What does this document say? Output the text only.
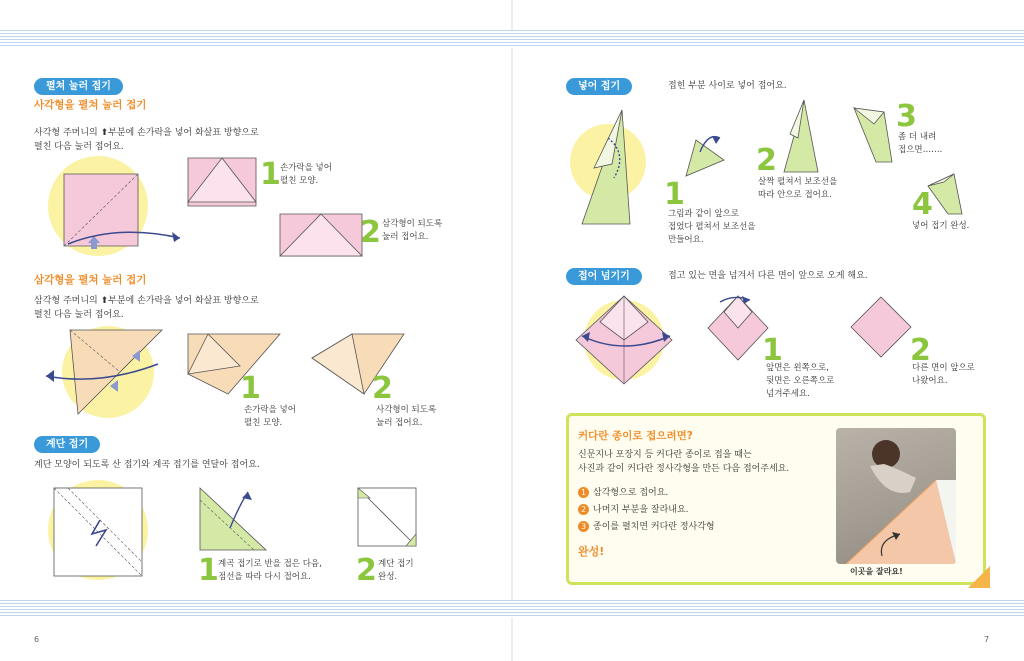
펼쳐 눌러 접기
사각형을 펼쳐 눌러 접기
사각형 주머니의 ⬆부분에 손가락을 넣어 화살표 방향으로
펼친 다음 눌러 접어요.
1 손가락을 넣어
펼친 모양.
2 삼각형이 되도록
눌러 접어요.
삼각형을 펼쳐 눌러 접기
삼각형 주머니의 ⬆부분에 손가락을 넣어 화살표 방향으로
펼친 다음 눌러 접어요.
1
손가락을 넣어
펼친 모양.
2
사각형이 되도록
눌러 접어요.
계단 접기
계단 모양이 되도록 산 접기와 계곡 접기를 연달아 접어요.
1 계곡 접기로 반을 접은 다음,
점선을 따라 다시 접어요. 2 계단 접기
완성.
6
넣어 접기	접힌 부분 사이로 넣어 접어요.
1
그림과 같이 앞으로
접었다 펼쳐서 보조선을
만들어요.
2
살짝 펼쳐서 보조선을
따라 안으로 접어요.
3
좀 더 내려
접으면…….
4
넣어 접기 완성.
접어 넘기기	접고 있는 면을 넘겨서 다른 면이 앞으로 오게 해요.
1
앞면은 왼쪽으로,
뒷면은 오른쪽으로
넘겨주세요.
2
다른 면이 앞으로
나왔어요.
커다란 종이로 접으려면?
신문지나 포장지 등 커다란 종이로 접을 때는
사진과 같이 커다란 정사각형을 만든 다음 접어주세요.
1 삼각형으로 접어요.
2 나머지 부분을 잘라내요.
3 종이를 펼치면 커다란 정사각형
완성!
이곳을 잘라요!
7
